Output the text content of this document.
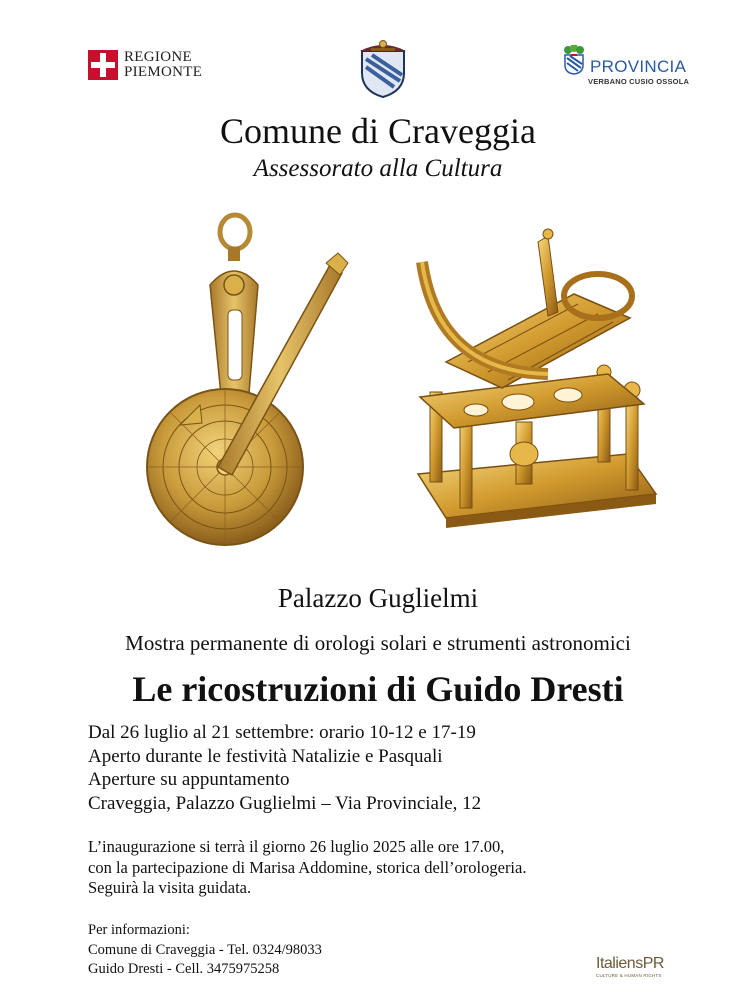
REGIONE
PIEMONTE	PROVINCIA
VERBANO CUSIO OSSOLA
Comune di Craveggia
Assessorato alla Cultura
Palazzo Guglielmi
Mostra permanente di orologi solari e strumenti astronomici
Le ricostruzioni di Guido Dresti
Dal 26 luglio al 21 settembre: orario 10-12 e 17-19
Aperto durante le festività Natalizie e Pasquali
Aperture su appuntamento
Craveggia, Palazzo Guglielmi – Via Provinciale, 12
L’inaugurazione si terrà il giorno 26 luglio 2025 alle ore 17.00,
con la partecipazione di Marisa Addomine, storica dell’orologeria.
Seguirà la visita guidata.
Per informazioni:
Comune di Craveggia - Tel. 0324/98033
Guido Dresti - Cell. 3475975258	ItaliensPR
CULTURE & HUMAN RIGHTS
